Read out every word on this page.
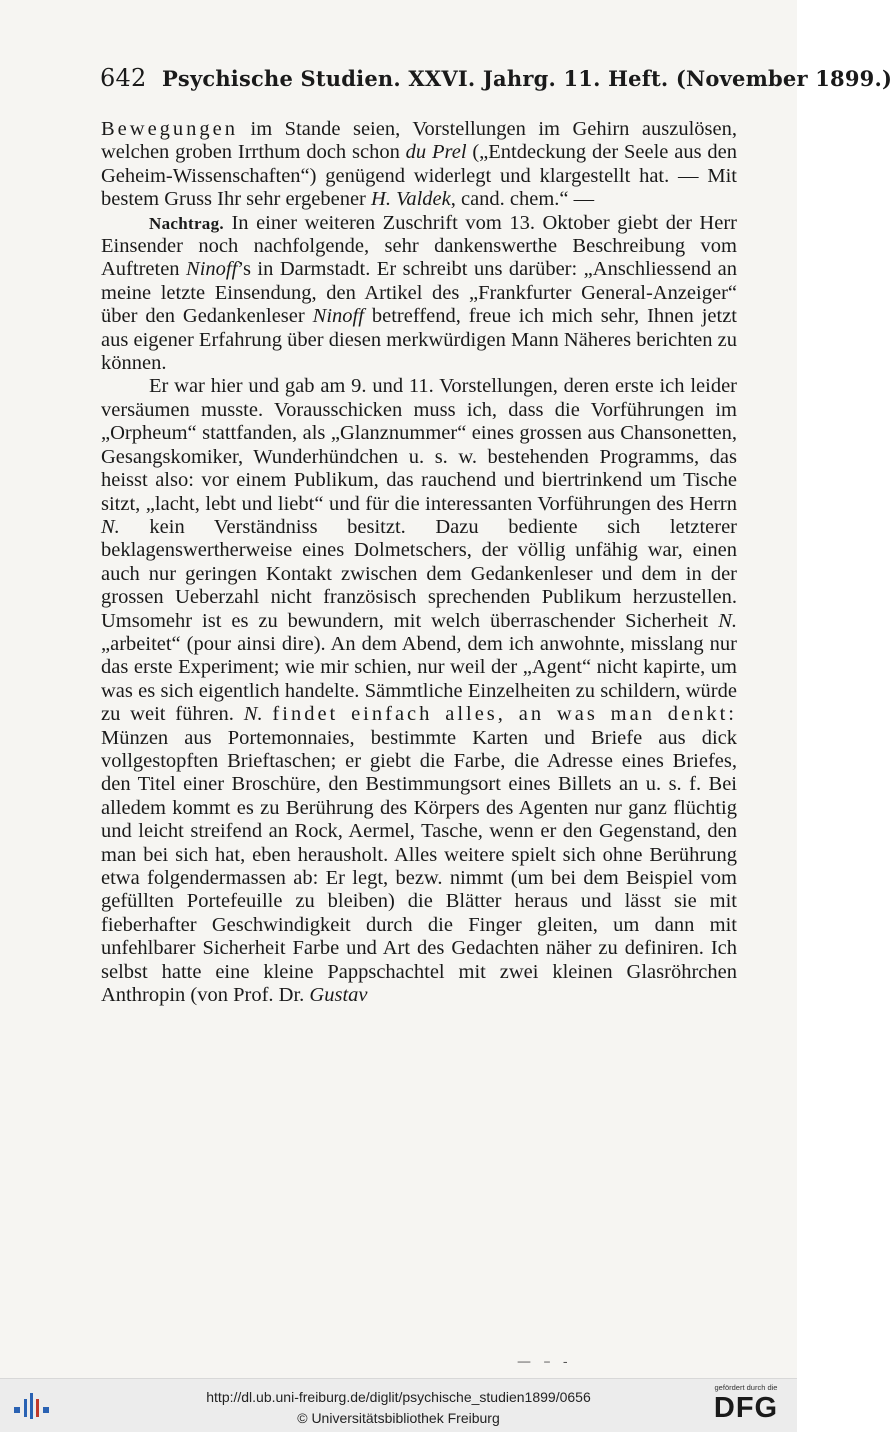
642 Psychische Studien. XXVI. Jahrg. 11. Heft. (November 1899.)

Bewegungen im Stande seien, Vorstellungen im Gehirn auszulösen, welchen groben Irrthum doch schon du Prel („Entdeckung der Seele aus den Geheim-Wissenschaften“) genügend widerlegt und klargestellt hat. — Mit bestem Gruss Ihr sehr ergebener H. Valdek, cand. chem.“ —

Nachtrag. In einer weiteren Zuschrift vom 13. Oktober giebt der Herr Einsender noch nachfolgende, sehr dankenswerthe Beschreibung vom Auftreten Ninoff’s in Darmstadt. Er schreibt uns darüber: „Anschliessend an meine letzte Einsendung, den Artikel des „Frankfurter General-Anzeiger“ über den Gedankenleser Ninoff betreffend, freue ich mich sehr, Ihnen jetzt aus eigener Erfahrung über diesen merkwürdigen Mann Näheres berichten zu können.

Er war hier und gab am 9. und 11. Vorstellungen, deren erste ich leider versäumen musste. Vorausschicken muss ich, dass die Vorführungen im „Orpheum“ stattfanden, als „Glanznummer“ eines grossen aus Chansonetten, Gesangskomiker, Wunderhündchen u. s. w. bestehenden Programms, das heisst also: vor einem Publikum, das rauchend und biertrinkend um Tische sitzt, „lacht, lebt und liebt“ und für die interessanten Vorführungen des Herrn N. kein Verständniss besitzt. Dazu bediente sich letzterer beklagenswertherweise eines Dolmetschers, der völlig unfähig war, einen auch nur geringen Kontakt zwischen dem Gedankenleser und dem in der grossen Ueberzahl nicht französisch sprechenden Publikum herzustellen. Umsomehr ist es zu bewundern, mit welch überraschender Sicherheit N. „arbeitet“ (pour ainsi dire). An dem Abend, dem ich anwohnte, misslang nur das erste Experiment; wie mir schien, nur weil der „Agent“ nicht kapirte, um was es sich eigentlich handelte. Sämmtliche Einzelheiten zu schildern, würde zu weit führen. N. findet einfach alles, an was man denkt: Münzen aus Portemonnaies, bestimmte Karten und Briefe aus dick vollgestopften Brieftaschen; er giebt die Farbe, die Adresse eines Briefes, den Titel einer Broschüre, den Bestimmungsort eines Billets an u. s. f. Bei alledem kommt es zu Berührung des Körpers des Agenten nur ganz flüchtig und leicht streifend an Rock, Aermel, Tasche, wenn er den Gegenstand, den man bei sich hat, eben herausholt. Alles weitere spielt sich ohne Berührung etwa folgendermassen ab: Er legt, bezw. nimmt (um bei dem Beispiel vom gefüllten Portefeuille zu bleiben) die Blätter heraus und lässt sie mit fieberhafter Geschwindigkeit durch die Finger gleiten, um dann mit unfehlbarer Sicherheit Farbe und Art des Gedachten näher zu definiren. Ich selbst hatte eine kleine Pappschachtel mit zwei kleinen Glasröhrchen Anthropin (von Prof. Dr. Gustav

— – -
http://dl.ub.uni-freiburg.de/diglit/psychische_studien1899/0656
© Universitätsbibliothek Freiburg
gefördert durch die
DFG
